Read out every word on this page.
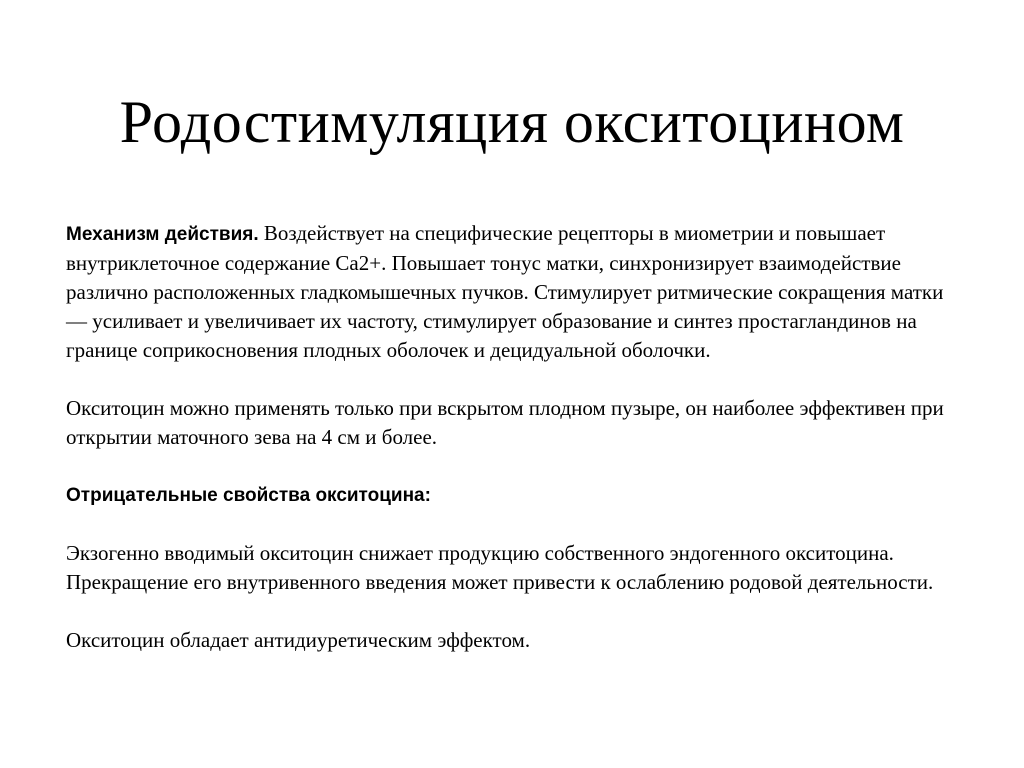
Родостимуляция окситоцином

Механизм действия. Воздействует на специфические рецепторы в миометрии и повышает внутриклеточное содержание Са2+. Повышает тонус матки, синхронизирует взаимодействие различно расположенных гладкомышечных пучков. Стимулирует ритмические сокращения матки — усиливает и увеличивает их частоту, стимулирует образование и синтез простагландинов на границе соприкосновения плодных оболочек и децидуальной оболочки.

Окситоцин можно применять только при вскрытом плодном пузыре, он наиболее эффективен при открытии маточного зева на 4 см и более.

Отрицательные свойства окситоцина:

Экзогенно вводимый окситоцин снижает продукцию собственного эндогенного окситоцина. Прекращение его внутривенного введения может привести к ослаблению родовой деятельности.

Окситоцин обладает антидиуретическим эффектом.
